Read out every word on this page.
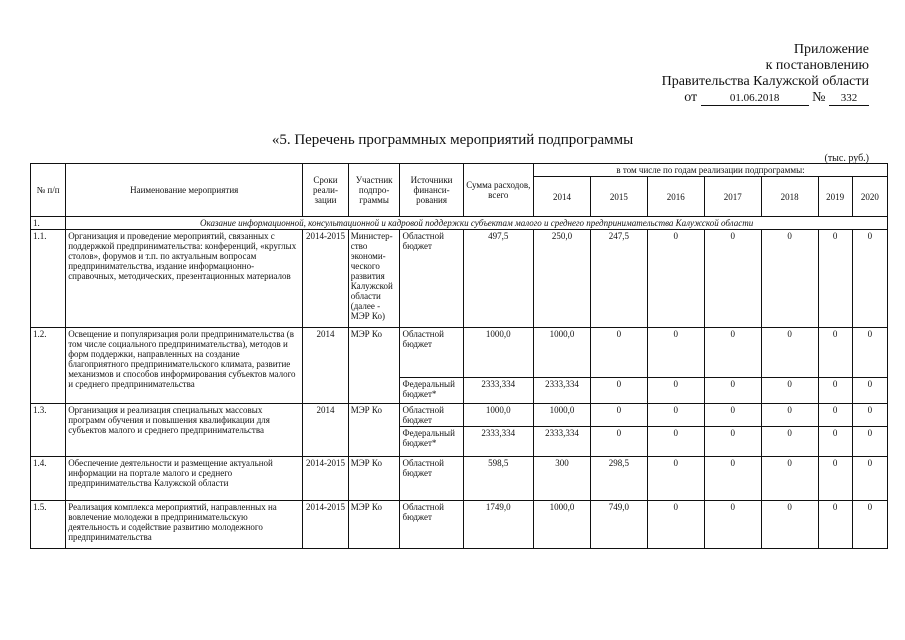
Приложение
к постановлению
Правительства Калужской области
от	01.06.2018 № 332
«5. Перечень программных мероприятий подпрограммы
(тыс. руб.)
№ п/п	Наименование мероприятия	Сроки реали-зации	Участник подпро-граммы	Источники финанси-рования	Сумма расходов, всего	в том числе по годам реализации подпрограммы:						
						2014	2015	2016	2017	2018	2019	2020
1.	Оказание информационной, консультационной и кадровой поддержки субъектам малого и среднего предпринимательства Калужской области											
1.1.	Организация и проведение мероприятий, связанных с поддержкой предпринимательства: конференций, «круглых столов», форумов и т.п. по актуальным вопросам предпринимательства, издание информационно-справочных, методических, презентационных материалов	2014-2015	Министер-ство экономи-ческого развития Калужской области (далее - МЭР Ко)	Областной бюджет	497,5	250,0	247,5	0	0	0	0	0
1.2.	Освещение и популяризация роли предпринимательства (в том числе социального предпринимательства), методов и форм поддержки, направленных на создание благоприятного предпринимательского климата, развитие механизмов и способов информирования субъектов малого и среднего предпринимательства	2014	МЭР Ко	Областной бюджет	1000,0	1000,0	0	0	0	0	0	0
				Федеральный бюджет*	2333,334	2333,334	0	0	0	0	0	0
1.3.	Организация и реализация специальных массовых программ обучения и повышения квалификации для субъектов малого и среднего предпринимательства	2014	МЭР Ко	Областной бюджет	1000,0	1000,0	0	0	0	0	0	0
				Федеральный бюджет*	2333,334	2333,334	0	0	0	0	0	0
1.4.	Обеспечение деятельности и размещение актуальной информации на портале малого и среднего предпринимательства Калужской области	2014-2015	МЭР Ко	Областной бюджет	598,5	300	298,5	0	0	0	0	0
1.5.	Реализация комплекса мероприятий, направленных на вовлечение молодежи в предпринимательскую деятельность и содействие развитию молодежного предпринимательства	2014-2015	МЭР Ко	Областной бюджет	1749,0	1000,0	749,0	0	0	0	0	0
